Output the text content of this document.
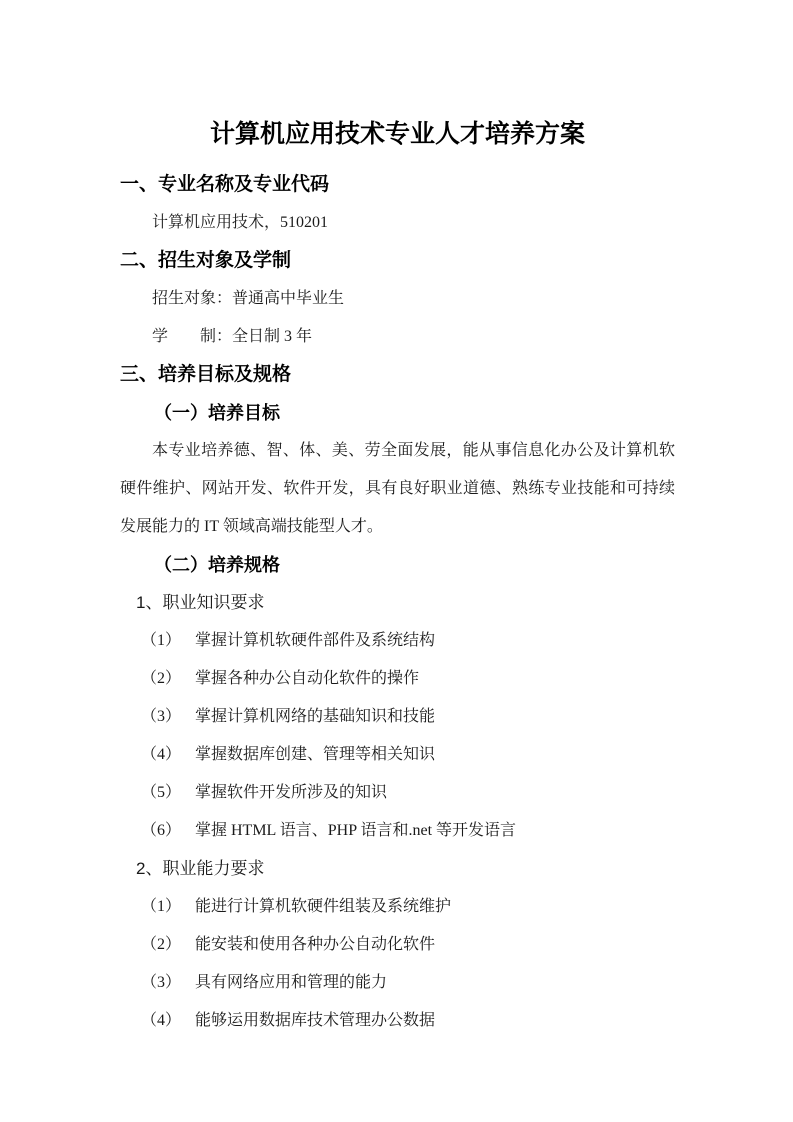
计算机应用技术专业人才培养方案
一、专业名称及专业代码

计算机应用技术，510201

二、招生对象及学制

招生对象：普通高中毕业生

学　　制：全日制 3 年

三、培养目标及规格
（一）培养目标

本专业培养德、智、体、美、劳全面发展，能从事信息化办公及计算机软硬件维护、网站开发、软件开发，具有良好职业道德、熟练专业技能和可持续发展能力的 IT 领域高端技能型人才。

（二）培养规格
1、职业知识要求

（1） 掌握计算机软硬件部件及系统结构

（2） 掌握各种办公自动化软件的操作

（3） 掌握计算机网络的基础知识和技能

（4） 掌握数据库创建、管理等相关知识

（5） 掌握软件开发所涉及的知识

（6） 掌握 HTML 语言、PHP 语言和.net 等开发语言

2、职业能力要求

（1） 能进行计算机软硬件组装及系统维护

（2） 能安装和使用各种办公自动化软件

（3） 具有网络应用和管理的能力

（4） 能够运用数据库技术管理办公数据
